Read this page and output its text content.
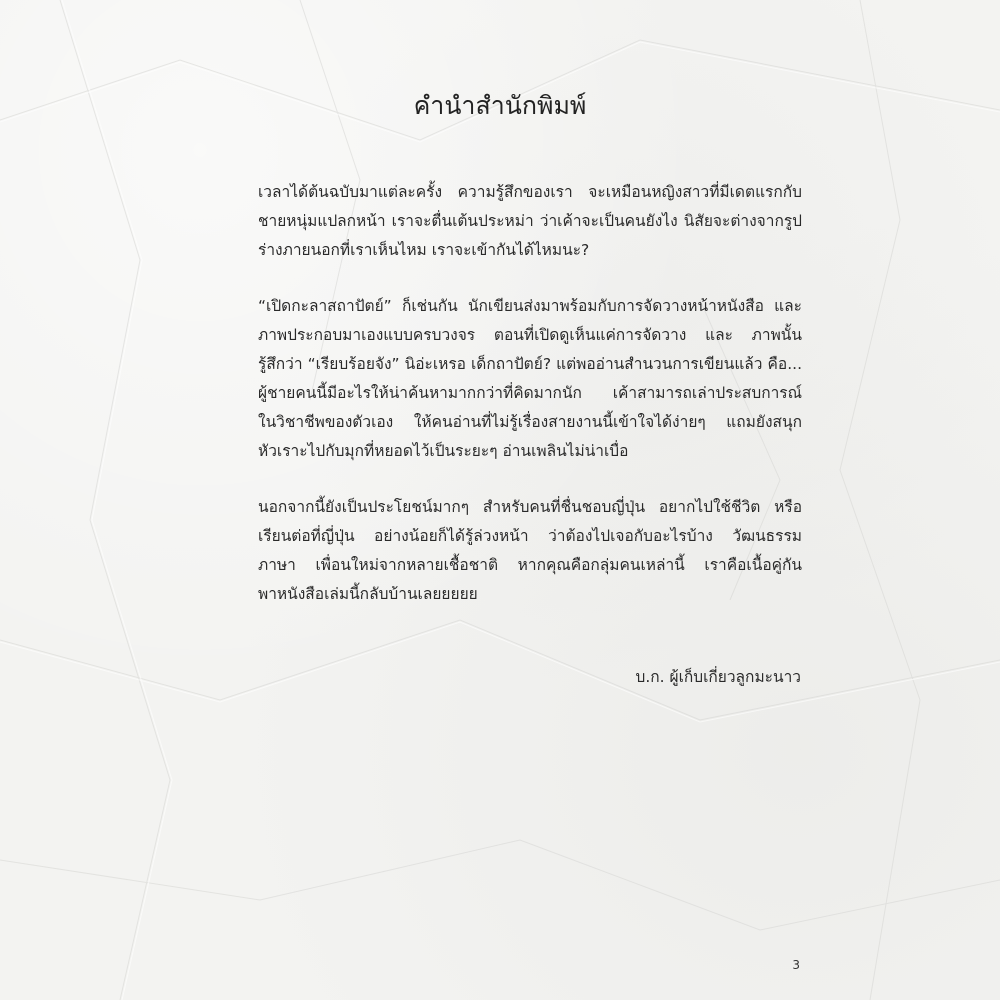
คำนำสำนักพิมพ์

เวลาได้ต้นฉบับมาแต่ละครั้ง ความรู้สึกของเรา จะเหมือนหญิงสาวที่มีเดตแรกกับ
ชายหนุ่มแปลกหน้า เราจะตื่นเต้นประหม่า ว่าเค้าจะเป็นคนยังไง นิสัยจะต่างจากรูป
ร่างภายนอกที่เราเห็นไหม เราจะเข้ากันได้ไหมนะ?

“เปิดกะลาสถาปัตย์” ก็เช่นกัน นักเขียนส่งมาพร้อมกับการจัดวางหน้าหนังสือ และ
ภาพประกอบมาเองแบบครบวงจร ตอนที่เปิดดูเห็นแค่การจัดวาง และ ภาพนั้น
รู้สึกว่า “เรียบร้อยจัง” นิอ่ะเหรอ เด็กถาปัตย์? แต่พออ่านสำนวนการเขียนแล้ว คือ...
ผู้ชายคนนี้มีอะไรให้น่าค้นหามากกว่าที่คิดมากนัก เค้าสามารถเล่าประสบการณ์
ในวิชาชีพของตัวเอง ให้คนอ่านที่ไม่รู้เรื่องสายงานนี้เข้าใจได้ง่ายๆ แถมยังสนุก
หัวเราะไปกับมุกที่หยอดไว้เป็นระยะๆ อ่านเพลินไม่น่าเบื่อ

นอกจากนี้ยังเป็นประโยชน์มากๆ สำหรับคนที่ชื่นชอบญี่ปุ่น อยากไปใช้ชีวิต หรือ
เรียนต่อที่ญี่ปุ่น อย่างน้อยก็ได้รู้ล่วงหน้า ว่าต้องไปเจอกับอะไรบ้าง วัฒนธรรม
ภาษา เพื่อนใหม่จากหลายเชื้อชาติ หากคุณคือกลุ่มคนเหล่านี้ เราคือเนื้อคู่กัน
พาหนังสือเล่มนี้กลับบ้านเลยยยยย

บ.ก. ผู้เก็บเกี่ยวลูกมะนาว
3
